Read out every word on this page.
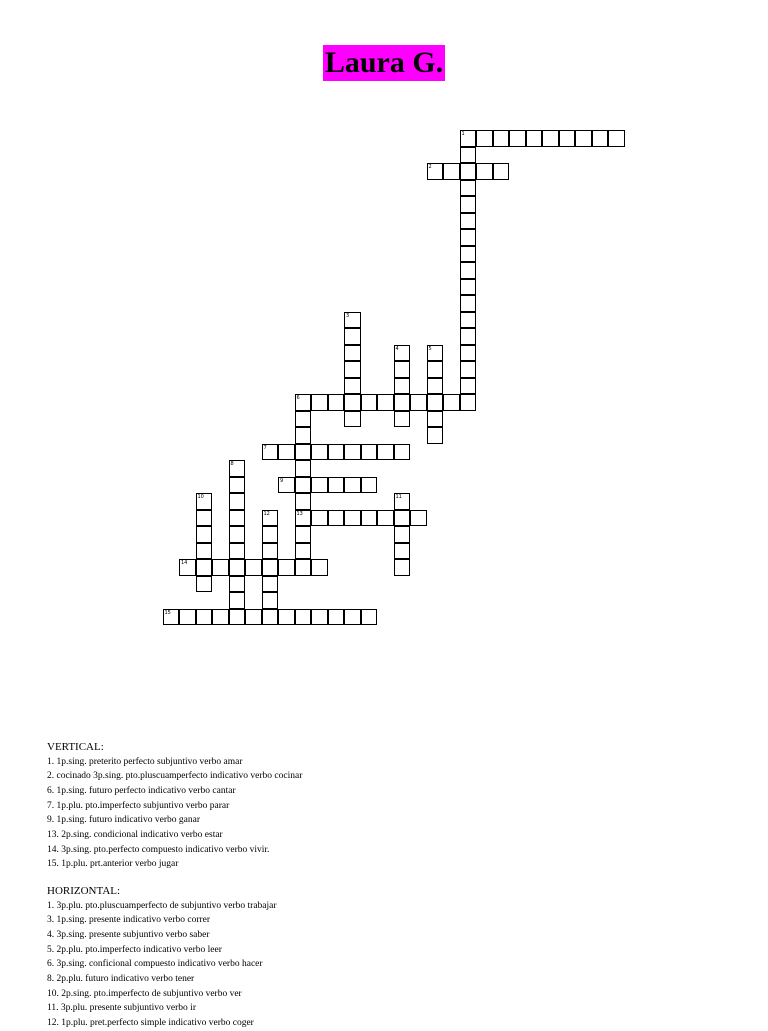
Laura G.
1
2
3
4	5
6
13
7
8
9
10	11
12
14
15
VERTICAL:
1. 1p.sing. preterito perfecto subjuntivo verbo amar
2. cocinado 3p.sing. pto.pluscuamperfecto indicativo verbo cocinar
6. 1p.sing. futuro perfecto indicativo verbo cantar
7. 1p.plu. pto.imperfecto subjuntivo verbo parar
9. 1p.sing. futuro indicativo verbo ganar
13. 2p.sing. condicional indicativo verbo estar
14. 3p.sing. pto.perfecto compuesto indicativo verbo vivir.
15. 1p.plu. prt.anterior verbo jugar
HORIZONTAL:
1. 3p.plu. pto.pluscuamperfecto de subjuntivo verbo trabajar
3. 1p.sing. presente indicativo verbo correr
4. 3p.sing. presente subjuntivo verbo saber
5. 2p.plu. pto.imperfecto indicativo verbo leer
6. 3p.sing. conficional compuesto indicativo verbo hacer
8. 2p.plu. futuro indicativo verbo tener
10. 2p.sing. pto.imperfecto de subjuntivo verbo ver
11. 3p.plu. presente subjuntivo verbo ir
12. 1p.plu. pret.perfecto simple indicativo verbo coger
